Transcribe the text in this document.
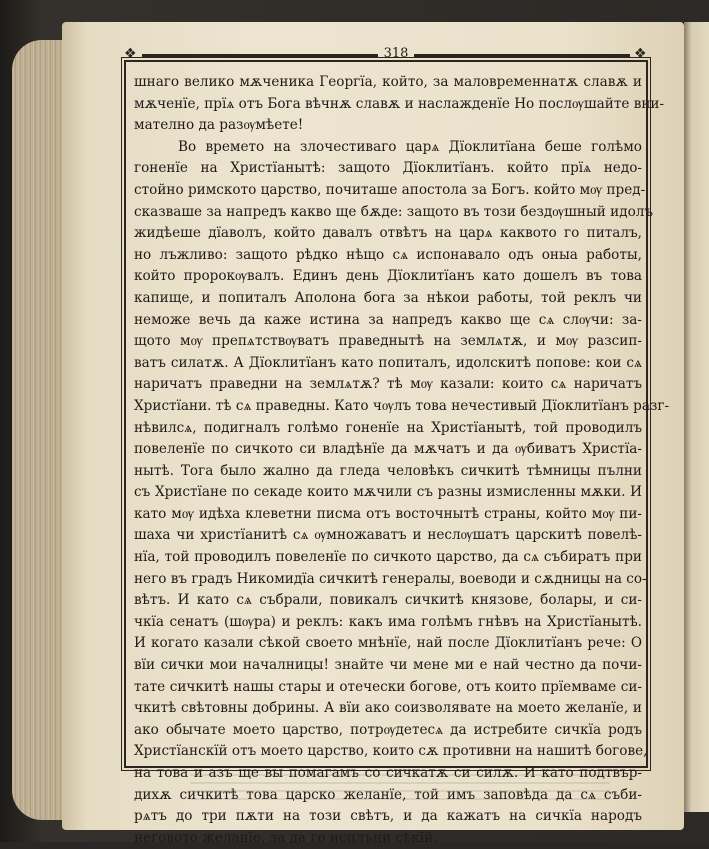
❖	318	❖
шнаго велико мѫченика Георгїа, който, за маловременнатѫ славѫ и
мѫченїе, прїѧ отъ Бога вѣчнѫ славѫ и наслажденїе Но послѹшайте вни-
мателно да разѹмѣете!
Во времето на злочестиваго царѧ Дїоклитїана беше голѣмо
гоненїе на Христїанытѣ: защото Дїоклитїанъ. който прїѧ недо-
стойно римското царство, почиташе апостола за Богъ. който мѹ пред-
сказваше за напредъ какво ще бѫде: защото въ този бездѹшный идолъ
жидѣеше дїаволъ, който давалъ отвѣтъ на царѧ каквото го питалъ,
но лъжливо: защото рѣдко нѣщо сѧ испонавало одъ оныа работы,
който пророкѹвалъ. Единъ день Дїоклитїанъ като дошелъ въ това
капище, и попиталъ Аполона бога за нѣкои работы, той реклъ чи
неможе вечь да каже истина за напредъ какво ще сѧ слѹчи: за-
щото мѹ препѧтствѹватъ праведнытѣ на землѧтѫ, и мѹ разсип-
ватъ силатѫ. А Дїоклитїанъ като попиталъ, идолскитѣ попове: кои сѧ
наричатъ праведни на землѧтѫ? тѣ мѹ казали: които сѧ наричатъ
Христїани. тѣ сѧ праведны. Като чѹлъ това нечестивый Дїоклитїанъ разг-
нѣвилсѧ, подигналъ голѣмо гоненїе на Христїанытѣ, той проводилъ
повеленїе по сичкото си владѣнїе да мѫчатъ и да ѹбиватъ Христїа-
нытѣ. Тога было жално да гледа человѣкъ сичкитѣ тѣмницы пълни
съ Христїане по секаде които мѫчили съ разны измисленны мѫки. И
като мѹ идѣха клеветни писма отъ восточнытѣ страны, който мѹ пи-
шаха чи христїанитѣ сѧ ѹмножаватъ и неслѹшатъ царскитѣ повелѣ-
нїа, той проводилъ повеленїе по сичкото царство, да сѧ събиратъ при
него въ градъ Никомидїа сичкитѣ генералы, воеводи и сѫдницы на со-
вѣтъ. И като сѧ събрали, повикалъ сичкитѣ князове, болары, и си-
чкїа сенатъ (шѹра) и реклъ: какъ има голѣмъ гнѣвъ на Христїанытѣ.
И когато казали сѣкой своето мнѣнїе, най после Дїоклитїанъ рече: О
вїи сички мои началницы! знайте чи мене ми е най честно да почи-
тате сичкитѣ нашы стары и отечески богове, отъ които прїемваме си-
чкитѣ свѣтовны добрины. А вїи ако соизволявате на моето желанїе, и
ако обычате моето царство, потрѹдетесѧ да истребите сичкїа родъ
Христїанскїй отъ моето царство, които сѫ противни на нашитѣ богове,
на това и азъ ще вы помагамъ со сичкатѫ си силѫ. И като подтвър-
дихѫ сичкитѣ това царско желанїе, той имъ заповѣда да сѧ съби-
рѧтъ до три пѫти на този свѣтъ, и да кажатъ на сичкїа народъ
неговото желанїе. за да го исплъни сѣкїй.
